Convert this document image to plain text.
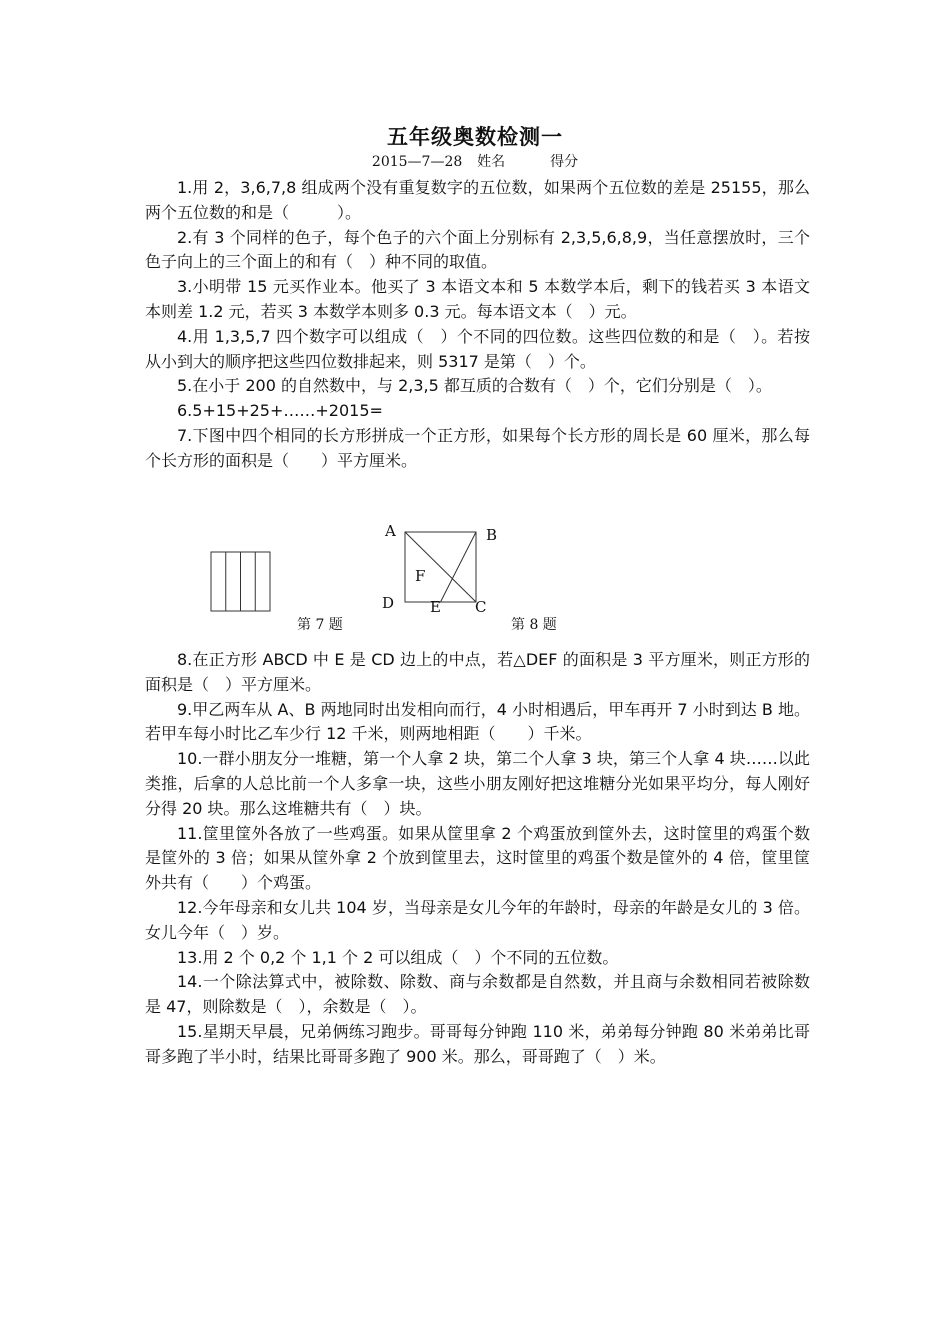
五年级奥数检测一
2015—7—28 姓名	得分

1.用 2，3,6,7,8 组成两个没有重复数字的五位数，如果两个五位数的差是 25155，那么两个五位数的和是（　　　）。

2.有 3 个同样的色子，每个色子的六个面上分别标有 2,3,5,6,8,9，当任意摆放时，三个色子向上的三个面上的和有（　）种不同的取值。

3.小明带 15 元买作业本。他买了 3 本语文本和 5 本数学本后，剩下的钱若买 3 本语文本则差 1.2 元，若买 3 本数学本则多 0.3 元。每本语文本（　）元。

4.用 1,3,5,7 四个数字可以组成（　）个不同的四位数。这些四位数的和是（　）。若按从小到大的顺序把这些四位数排起来，则 5317 是第（　）个。

5.在小于 200 的自然数中，与 2,3,5 都互质的合数有（　）个，它们分别是（　）。

6.5+15+25+……+2015=

7.下图中四个相同的长方形拼成一个正方形，如果每个长方形的周长是 60 厘米，那么每个长方形的面积是（　　）平方厘米。

A	B
F
D E C
第 7 题	第 8 题

8.在正方形 ABCD 中 E 是 CD 边上的中点，若△DEF 的面积是 3 平方厘米，则正方形的面积是（　）平方厘米。

9.甲乙两车从 A、B 两地同时出发相向而行，4 小时相遇后，甲车再开 7 小时到达 B 地。若甲车每小时比乙车少行 12 千米，则两地相距（　　）千米。

10.一群小朋友分一堆糖，第一个人拿 2 块，第二个人拿 3 块，第三个人拿 4 块……以此类推，后拿的人总比前一个人多拿一块，这些小朋友刚好把这堆糖分光如果平均分，每人刚好分得 20 块。那么这堆糖共有（　）块。

11.筐里筐外各放了一些鸡蛋。如果从筐里拿 2 个鸡蛋放到筐外去，这时筐里的鸡蛋个数是筐外的 3 倍；如果从筐外拿 2 个放到筐里去，这时筐里的鸡蛋个数是筐外的 4 倍，筐里筐外共有（　　）个鸡蛋。

12.今年母亲和女儿共 104 岁，当母亲是女儿今年的年龄时，母亲的年龄是女儿的 3 倍。女儿今年（　）岁。

13.用 2 个 0,2 个 1,1 个 2 可以组成（　）个不同的五位数。

14.一个除法算式中，被除数、除数、商与余数都是自然数，并且商与余数相同若被除数是 47，则除数是（　），余数是（　）。

15.星期天早晨，兄弟俩练习跑步。哥哥每分钟跑 110 米，弟弟每分钟跑 80 米弟弟比哥哥多跑了半小时，结果比哥哥多跑了 900 米。那么，哥哥跑了（　）米。
